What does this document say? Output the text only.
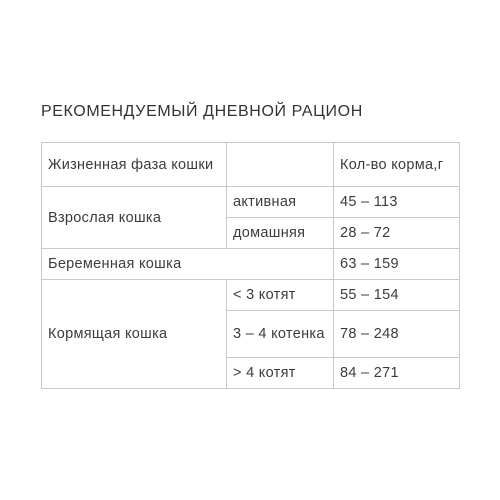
РЕКОМЕНДУЕМЫЙ ДНЕВНОЙ РАЦИОН
Жизненная фаза кошки		Кол-во корма,г
Взрослая кошка	активная	45 – 113
	домашняя	28 – 72
Беременная кошка		63 – 159
Кормящая кошка	< 3 котят	55 – 154
	3 – 4 котенка	78 – 248
	> 4 котят	84 – 271
